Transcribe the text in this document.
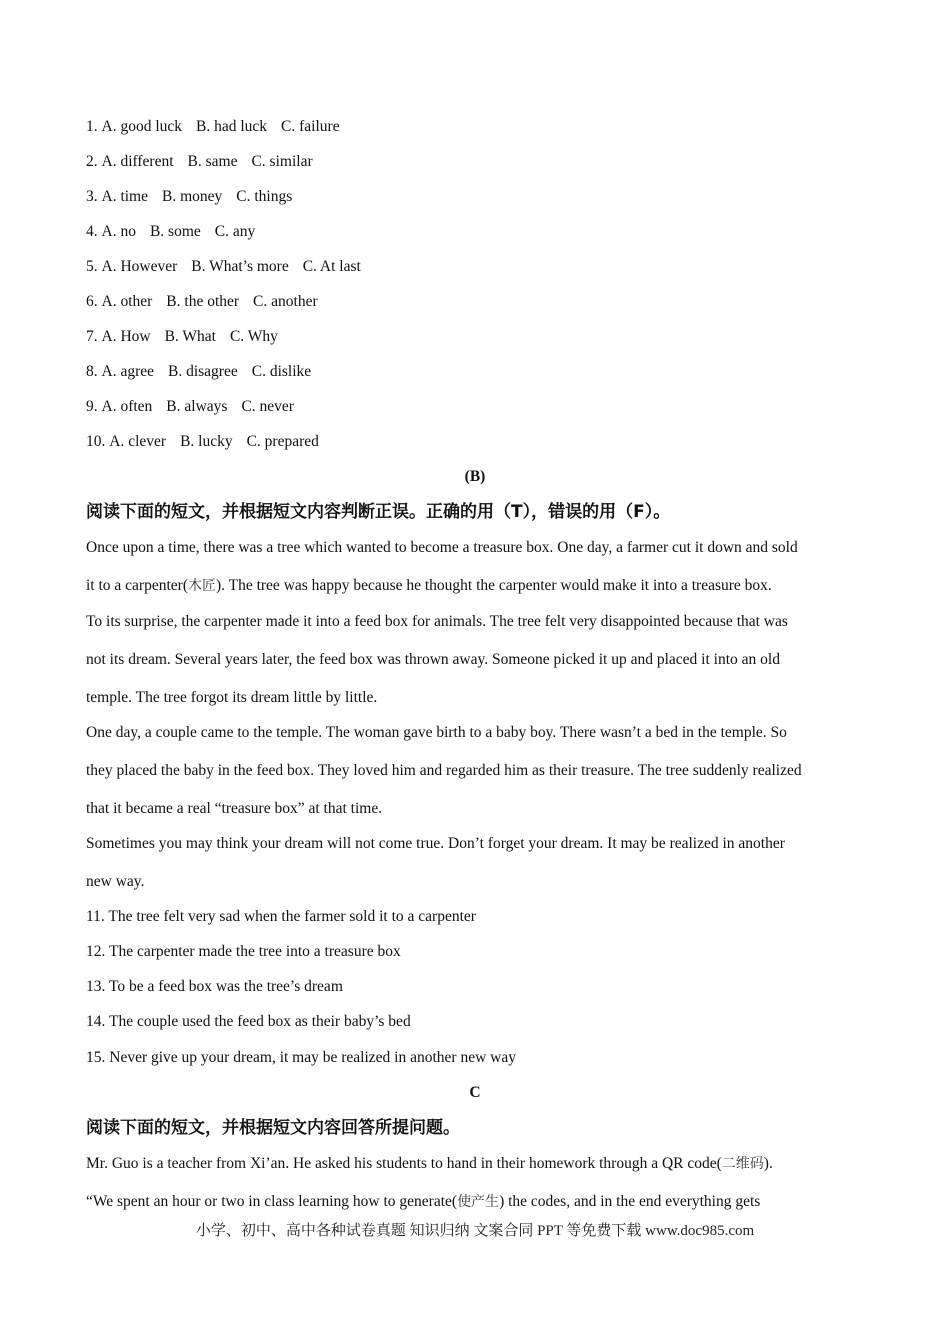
1. A. good luck B. had luck C. failure
2. A. different B. same C. similar
3. A. time B. money C. things
4. A. no B. some C. any
5. A. However B. What’s more C. At last
6. A. other B. the other C. another
7. A. How B. What C. Why
8. A. agree B. disagree C. dislike
9. A. often B. always C. never
10. A. clever B. lucky C. prepared
(B)
阅读下面的短文，并根据短文内容判断正误。正确的用（T），错误的用（F）。
Once upon a time, there was a tree which wanted to become a treasure box. One day, a farmer cut it down and sold
it to a carpenter(木匠). The tree was happy because he thought the carpenter would make it into a treasure box.
To its surprise, the carpenter made it into a feed box for animals. The tree felt very disappointed because that was
not its dream. Several years later, the feed box was thrown away. Someone picked it up and placed it into an old
temple. The tree forgot its dream little by little.
One day, a couple came to the temple. The woman gave birth to a baby boy. There wasn’t a bed in the temple. So
they placed the baby in the feed box. They loved him and regarded him as their treasure. The tree suddenly realized
that it became a real “treasure box” at that time.
Sometimes you may think your dream will not come true. Don’t forget your dream. It may be realized in another
new way.
11. The tree felt very sad when the farmer sold it to a carpenter
12. The carpenter made the tree into a treasure box
13. To be a feed box was the tree’s dream
14. The couple used the feed box as their baby’s bed
15. Never give up your dream, it may be realized in another new way
C
阅读下面的短文，并根据短文内容回答所提问题。
Mr. Guo is a teacher from Xi’an. He asked his students to hand in their homework through a QR code(二维码).
“We spent an hour or two in class learning how to generate(使产生) the codes, and in the end everything gets
小学、初中、高中各种试卷真题 知识归纳 文案合同 PPT 等免费下载 www.doc985.com
